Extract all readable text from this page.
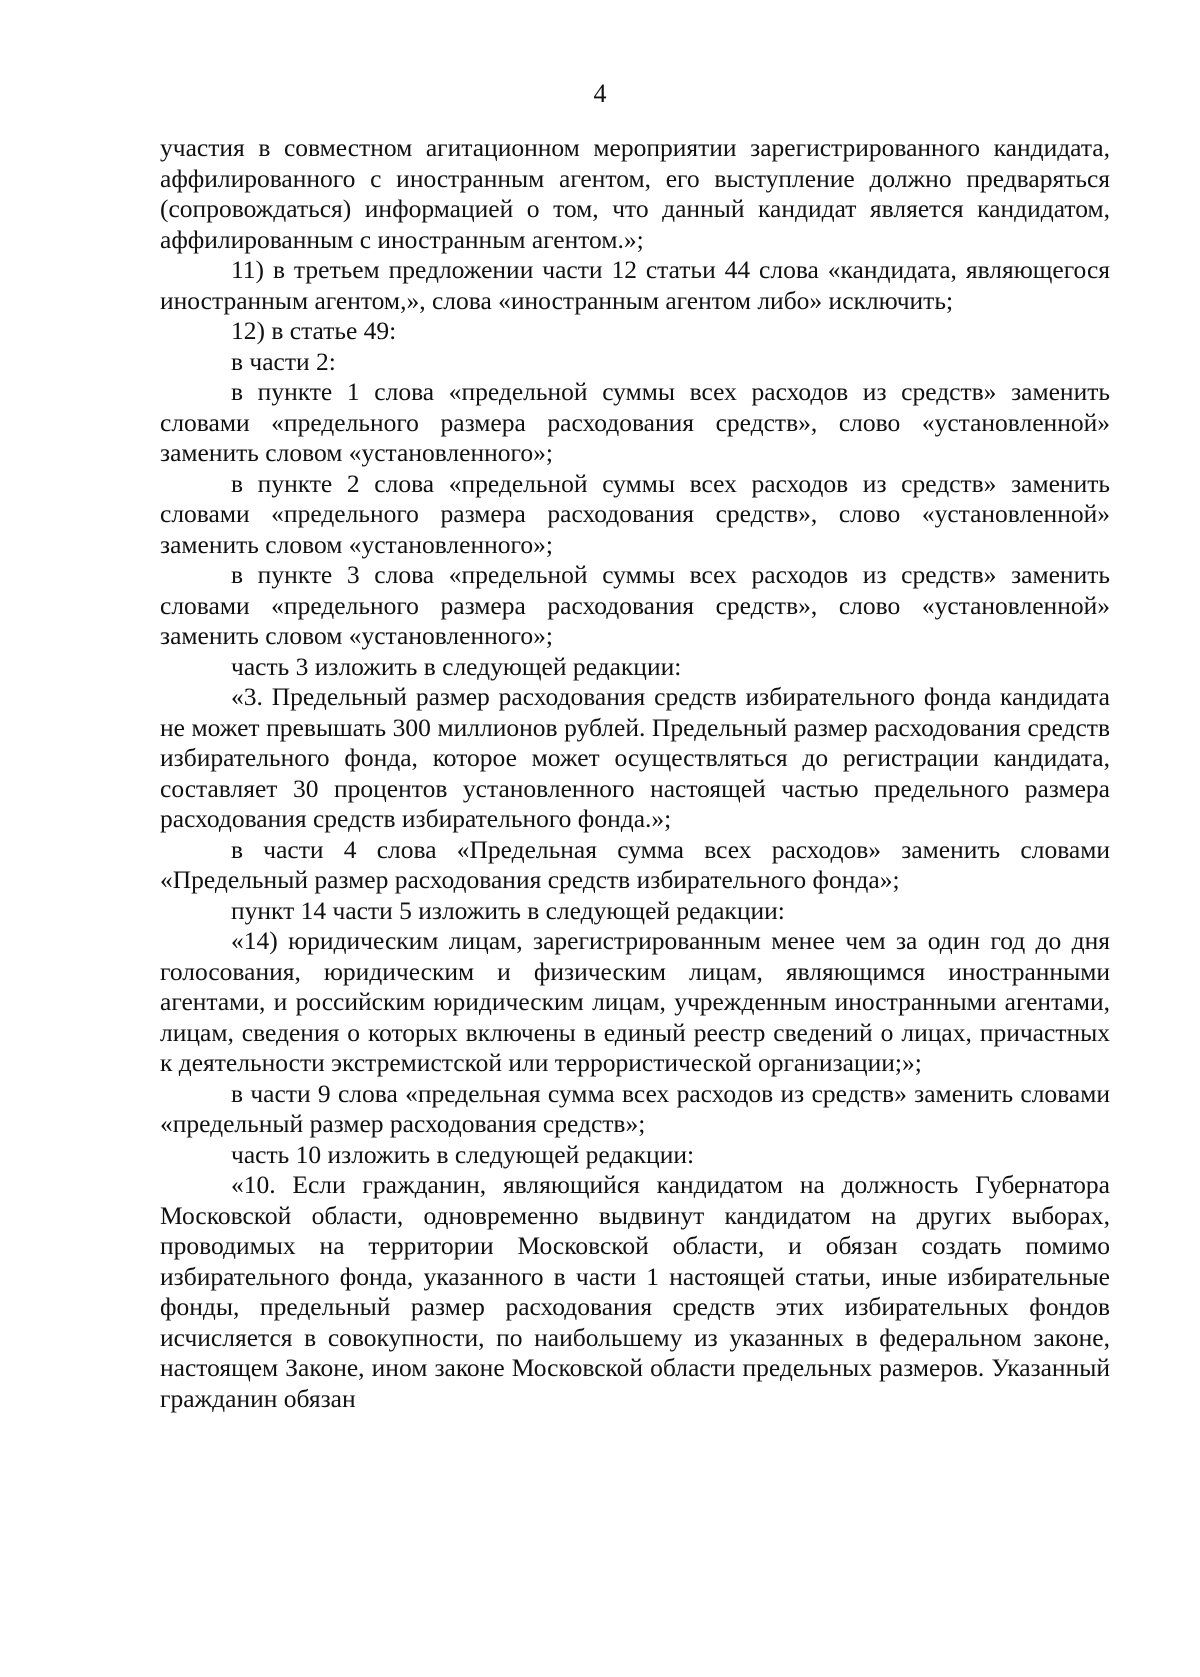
4

участия в совместном агитационном мероприятии зарегистрированного кандидата, аффилированного с иностранным агентом, его выступление должно предваряться (сопровождаться) информацией о том, что данный кандидат является кандидатом, аффилированным с иностранным агентом.»;

11) в третьем предложении части 12 статьи 44 слова «кандидата, являющегося иностранным агентом,», слова «иностранным агентом либо» исключить;

12) в статье 49:

в части 2:

в пункте 1 слова «предельной суммы всех расходов из средств» заменить словами «предельного размера расходования средств», слово «установленной» заменить словом «установленного»;

в пункте 2 слова «предельной суммы всех расходов из средств» заменить словами «предельного размера расходования средств», слово «установленной» заменить словом «установленного»;

в пункте 3 слова «предельной суммы всех расходов из средств» заменить словами «предельного размера расходования средств», слово «установленной» заменить словом «установленного»;

часть 3 изложить в следующей редакции:

«3. Предельный размер расходования средств избирательного фонда кандидата не может превышать 300 миллионов рублей. Предельный размер расходования средств избирательного фонда, которое может осуществляться до регистрации кандидата, составляет 30 процентов установленного настоящей частью предельного размера расходования средств избирательного фонда.»;

в части 4 слова «Предельная сумма всех расходов» заменить словами «Предельный размер расходования средств избирательного фонда»;

пункт 14 части 5 изложить в следующей редакции:

«14) юридическим лицам, зарегистрированным менее чем за один год до дня голосования, юридическим и физическим лицам, являющимся иностранными агентами, и российским юридическим лицам, учрежденным иностранными агентами, лицам, сведения о которых включены в единый реестр сведений о лицах, причастных к деятельности экстремистской или террористической организации;»;

в части 9 слова «предельная сумма всех расходов из средств» заменить словами «предельный размер расходования средств»;

часть 10 изложить в следующей редакции:

«10. Если гражданин, являющийся кандидатом на должность Губернатора Московской области, одновременно выдвинут кандидатом на других выборах, проводимых на территории Московской области, и обязан создать помимо избирательного фонда, указанного в части 1 настоящей статьи, иные избирательные фонды, предельный размер расходования средств этих избирательных фондов исчисляется в совокупности, по наибольшему из указанных в федеральном законе, настоящем Законе, ином законе Московской области предельных размеров. Указанный гражданин обязан
